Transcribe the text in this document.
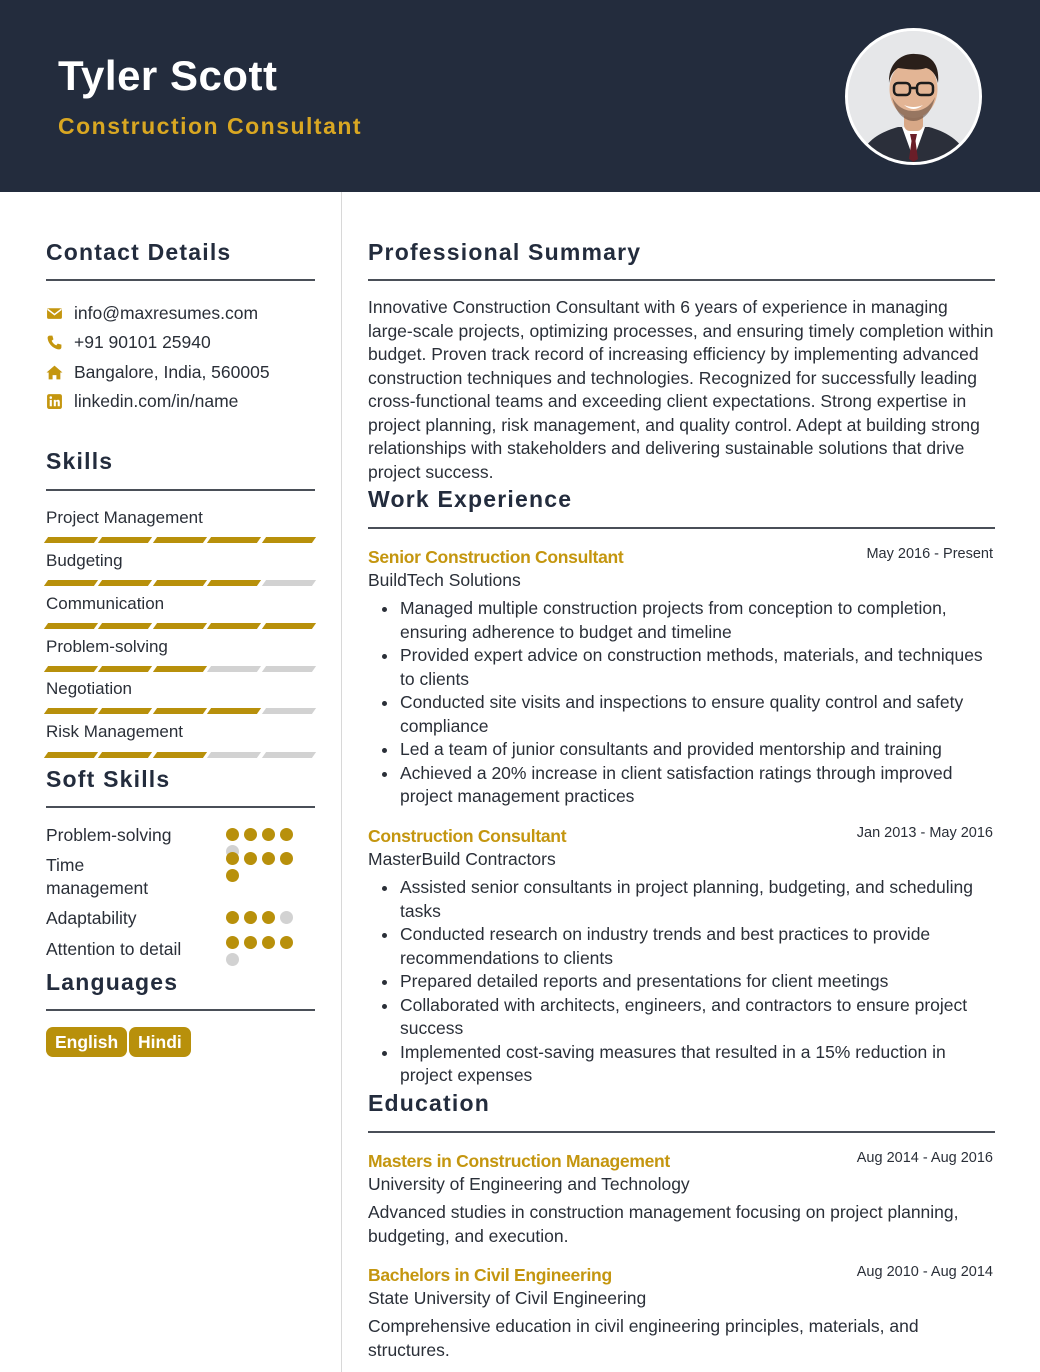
Tyler Scott
Construction Consultant
Contact Details
info@maxresumes.com
+91 90101 25940
Bangalore, India, 560005
linkedin.com/in/name
Skills
Project Management
Budgeting
Communication
Problem-solving
Negotiation
Risk Management
Soft Skills
Problem-solving
Time management
Adaptability
Attention to detail
Languages
English	Hindi
Professional Summary
Innovative Construction Consultant with 6 years of experience in managing large-scale projects, optimizing processes, and ensuring timely completion within budget. Proven track record of increasing efficiency by implementing advanced construction techniques and technologies. Recognized for successfully leading cross-functional teams and exceeding client expectations. Strong expertise in project planning, risk management, and quality control. Adept at building strong relationships with stakeholders and delivering sustainable solutions that drive project success.
Work Experience
Senior Construction Consultant	May 2016 - Present
BuildTech Solutions
Managed multiple construction projects from conception to completion, ensuring adherence to budget and timeline
Provided expert advice on construction methods, materials, and techniques to clients
Conducted site visits and inspections to ensure quality control and safety compliance
Led a team of junior consultants and provided mentorship and training
Achieved a 20% increase in client satisfaction ratings through improved project management practices
Construction Consultant	Jan 2013 - May 2016
MasterBuild Contractors
Assisted senior consultants in project planning, budgeting, and scheduling tasks
Conducted research on industry trends and best practices to provide recommendations to clients
Prepared detailed reports and presentations for client meetings
Collaborated with architects, engineers, and contractors to ensure project success
Implemented cost-saving measures that resulted in a 15% reduction in project expenses
Education
Masters in Construction Management	Aug 2014 - Aug 2016
University of Engineering and Technology
Advanced studies in construction management focusing on project planning, budgeting, and execution.
Bachelors in Civil Engineering	Aug 2010 - Aug 2014
State University of Civil Engineering
Comprehensive education in civil engineering principles, materials, and structures.
